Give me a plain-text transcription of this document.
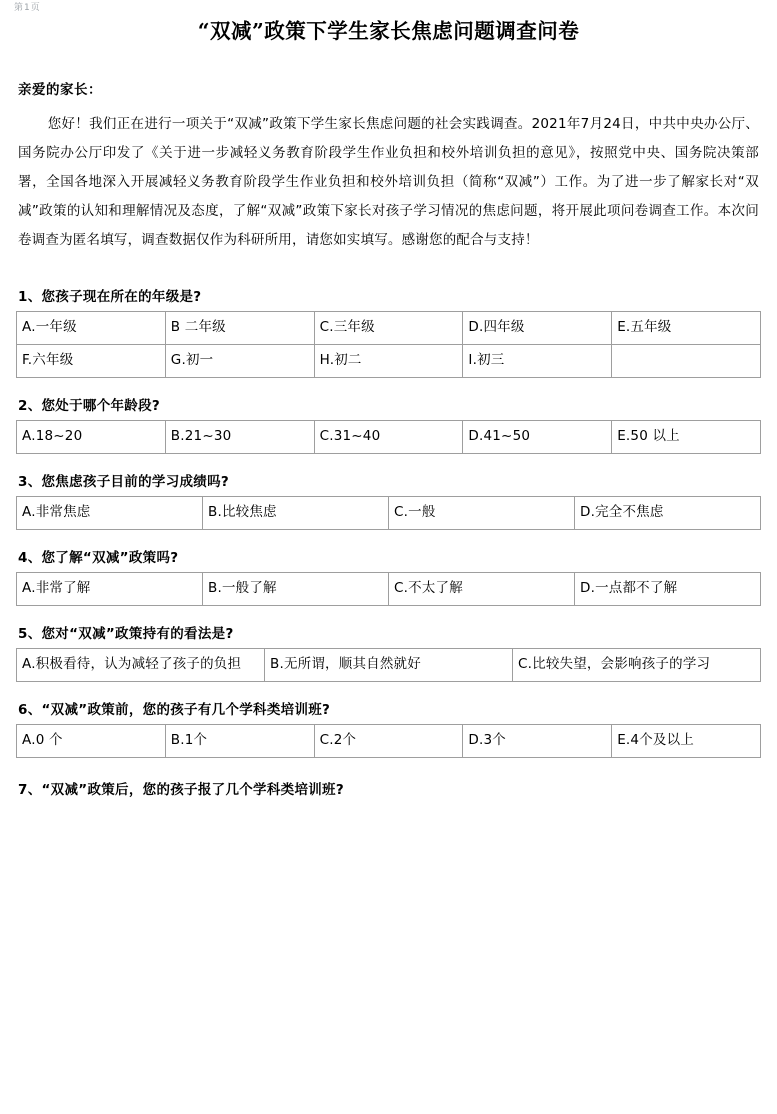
第1页
“双减”政策下学生家长焦虑问题调查问卷
亲爱的家长：

您好！我们正在进行一项关于“双减”政策下学生家长焦虑问题的社会实践调查。2021年7月24日，中共中央办公厅、国务院办公厅印发了《关于进一步减轻义务教育阶段学生作业负担和校外培训负担的意见》，按照党中央、国务院决策部署，全国各地深入开展减轻义务教育阶段学生作业负担和校外培训负担（简称“双减”）工作。为了进一步了解家长对“双减”政策的认知和理解情况及态度，了解“双减”政策下家长对孩子学习情况的焦虑问题，将开展此项问卷调查工作。本次问卷调查为匿名填写，调查数据仅作为科研所用，请您如实填写。感谢您的配合与支持！

1、您孩子现在所在的年级是?
A.一年级	B 二年级	C.三年级	D.四年级	E.五年级
F.六年级	G.初一	H.初二	I.初三	
2、您处于哪个年龄段?
A.18~20	B.21~30	C.31~40	D.41~50	E.50 以上
3、您焦虑孩子目前的学习成绩吗?
A.非常焦虑	B.比较焦虑	C.一般	D.完全不焦虑
4、您了解“双减”政策吗?
A.非常了解	B.一般了解	C.不太了解	D.一点都不了解
5、您对“双减”政策持有的看法是?
A.积极看待，认为减轻了孩子的负担	B.无所谓，顺其自然就好	C.比较失望，会影响孩子的学习
6、“双减”政策前，您的孩子有几个学科类培训班?
A.0 个	B.1个	C.2个	D.3个	E.4个及以上
7、“双减”政策后，您的孩子报了几个学科类培训班?
